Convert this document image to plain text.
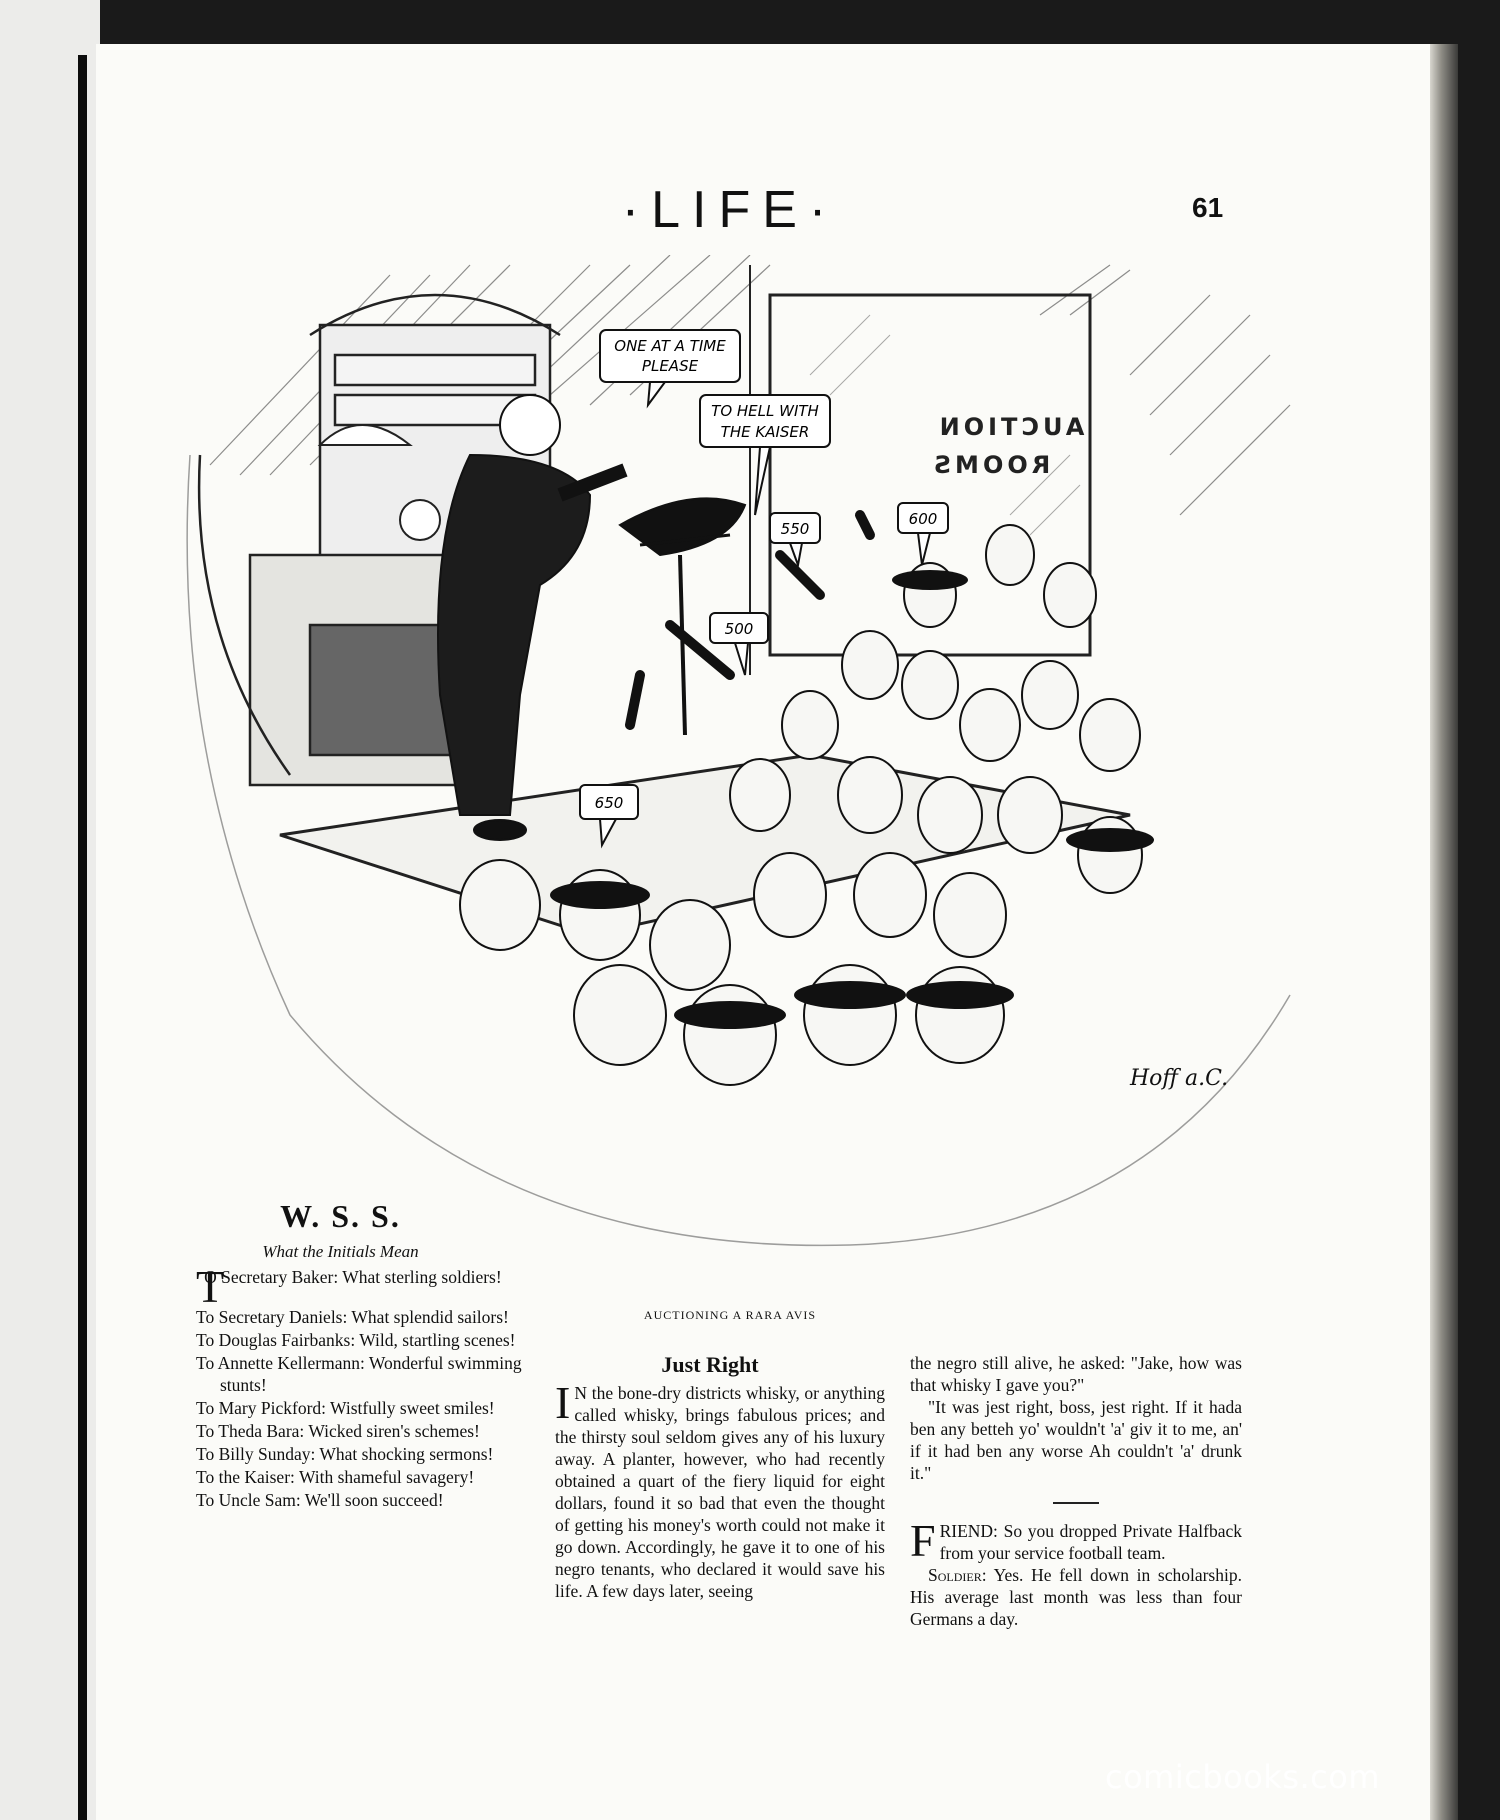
·LIFE·	61
AUCTION
ROOMS
ONE AT A TIME
PLEASE
TO HELL WITH
THE KAISER
500
550
600
650
Hoff a.C.
AUCTIONING A RARA AVIS
W. S. S.
What the Initials Mean
T
O Secretary Baker: What sterling soldiers!
To Secretary Daniels: What splendid sailors!
To Douglas Fairbanks: Wild, startling scenes!
To Annette Kellermann: Wonderful swimming stunts!
To Mary Pickford: Wistfully sweet smiles!
To Theda Bara: Wicked siren's schemes!
To Billy Sunday: What shocking sermons!
To the Kaiser: With shameful savagery!
To Uncle Sam: We'll soon succeed!
Just Right
I N the bone-dry districts whisky, or anything called whisky, brings fabulous prices; and the thirsty soul seldom gives any of his luxury away. A planter, however, who had recently obtained a quart of the fiery liquid for eight dollars, found it so bad that even the thought of getting his money's worth could not make it go down. Accordingly, he gave it to one of his negro tenants, who declared it would save his life. A few days later, seeing

the negro still alive, he asked: "Jake, how was that whisky I gave you?"

"It was jest right, boss, jest right. If it hada ben any betteh yo' wouldn't 'a' giv it to me, an' if it had ben any worse Ah couldn't 'a' drunk it."

FRIEND: So you dropped Private Halfback from your service football team.

Soldier: Yes. He fell down in scholarship. His average last month was less than four Germans a day.

comicbooks.com
